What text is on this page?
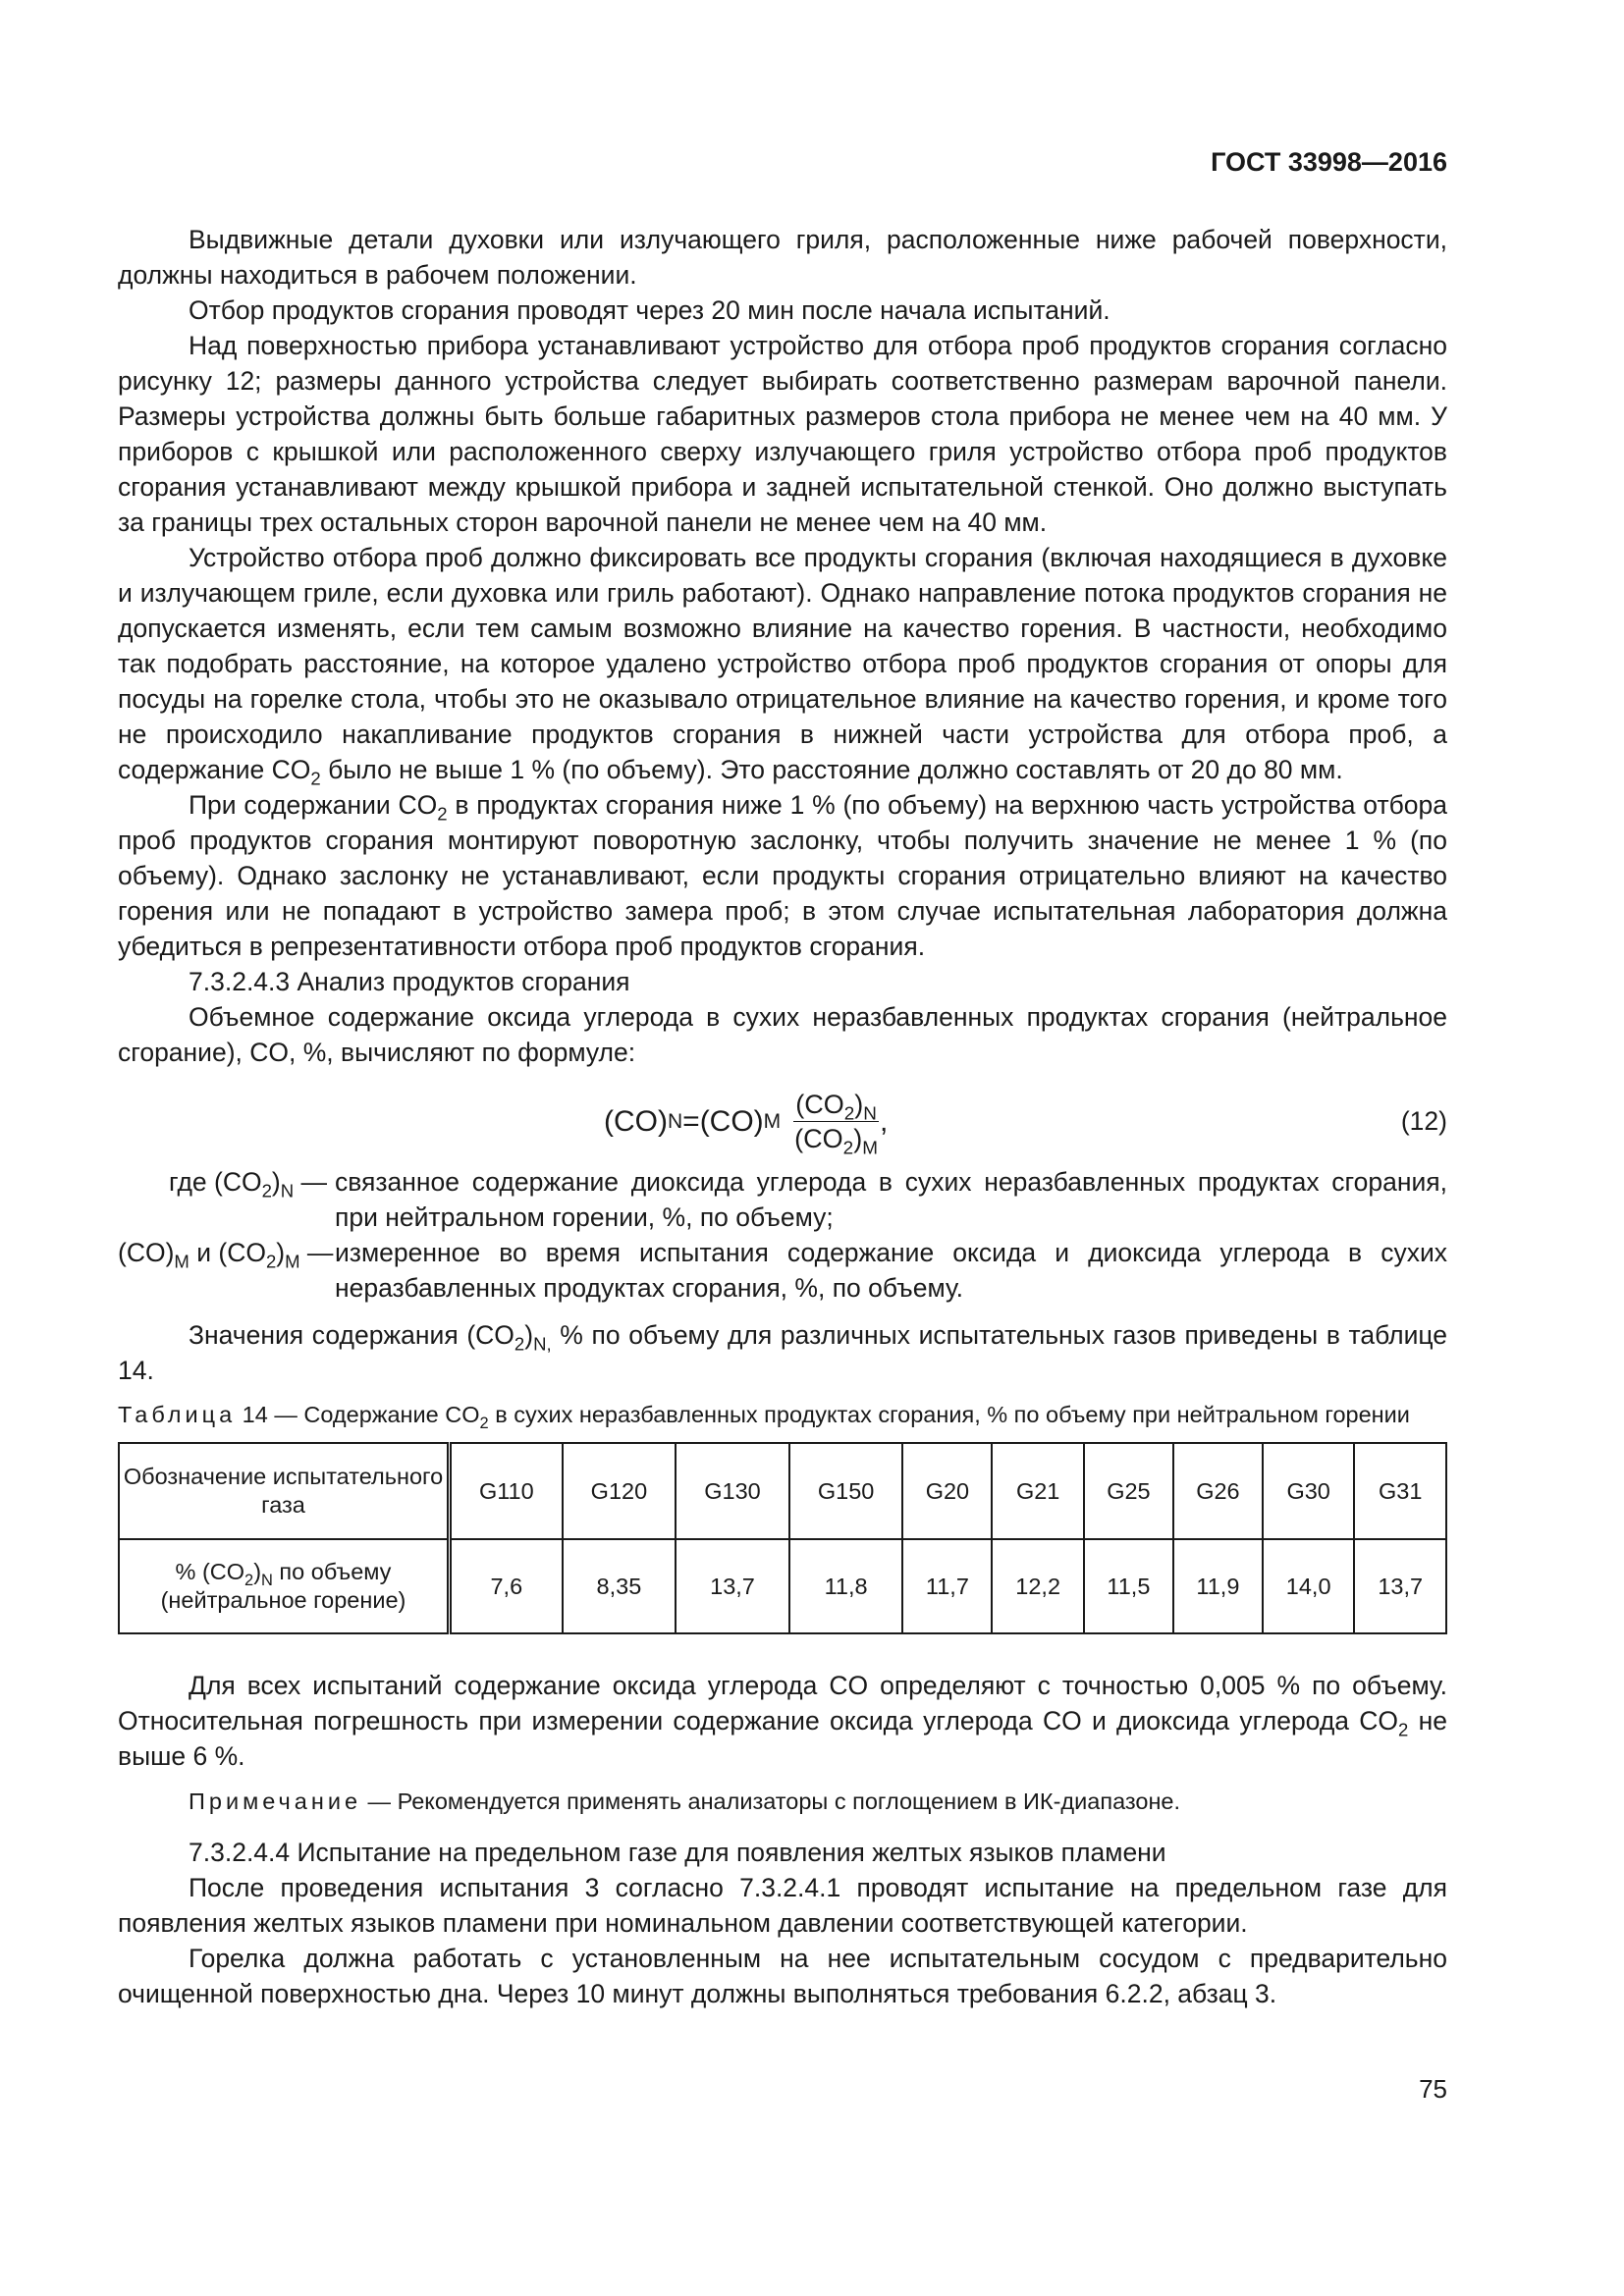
ГОСТ 33998—2016

Выдвижные детали духовки или излучающего гриля, расположенные ниже рабочей поверхности, должны находиться в рабочем положении.

Отбор продуктов сгорания проводят через 20 мин после начала испытаний.

Над поверхностью прибора устанавливают устройство для отбора проб продуктов сгорания согласно рисунку 12; размеры данного устройства следует выбирать соответственно размерам варочной панели. Размеры устройства должны быть больше габаритных размеров стола прибора не менее чем на 40 мм. У приборов с крышкой или расположенного сверху излучающего гриля устройство отбора проб продуктов сгорания устанавливают между крышкой прибора и задней испытательной стенкой. Оно должно выступать за границы трех остальных сторон варочной панели не менее чем на 40 мм.

Устройство отбора проб должно фиксировать все продукты сгорания (включая находящиеся в духовке и излучающем гриле, если духовка или гриль работают). Однако направление потока продуктов сгорания не допускается изменять, если тем самым возможно влияние на качество горения. В частности, необходимо так подобрать расстояние, на которое удалено устройство отбора проб продуктов сгорания от опоры для посуды на горелке стола, чтобы это не оказывало отрицательное влияние на качество горения, и кроме того не происходило накапливание продуктов сгорания в нижней части устройства для отбора проб, а содержание $CO_2$ было не выше 1 % (по объему). Это расстояние должно составлять от 20 до 80 мм.

При содержании $CO_2$ в продуктах сгорания ниже 1 % (по объему) на верхнюю часть устройства отбора проб продуктов сгорания монтируют поворотную заслонку, чтобы получить значение не менее 1 % (по объему). Однако заслонку не устанавливают, если продукты сгорания отрицательно влияют на качество горения или не попадают в устройство замера проб; в этом случае испытательная лаборатория должна убедиться в репрезентативности отбора проб продуктов сгорания.

7.3.2.4.3 Анализ продуктов сгорания

Объемное содержание оксида углерода в сухих неразбавленных продуктах сгорания (нейтральное сгорание), CO, %, вычисляют по формуле:

(CO) N = (CO) M $\frac{(CO_2)_N}{(CO_2)_M}$ ,	(12)
где $(CO_2)_N$ — связанное содержание диоксида углерода в сухих неразбавленных продуктах сгорания, при нейтральном горении, %, по объему;
$(CO)_M$ и $(CO_2)_M$ — измеренное во время испытания содержание оксида и диоксида углерода в сухих неразбавленных продуктах сгорания, %, по объему.

Значения содержания $(CO_2)_{N,}$ % по объему для различных испытательных газов приведены в таблице 14.

Таблица 14 — Содержание $CO_2$ в сухих неразбавленных продуктах сгорания, % по объему при нейтральном горении
Обозначение испытательного газа	G110	G120	G130	G150	G20	G21	G25	G26	G30	G31
% $(CO_2)_N$ по объему (нейтральное горение)	7,6	8,35	13,7	11,8	11,7	12,2	11,5	11,9	14,0	13,7

Для всех испытаний содержание оксида углерода CO определяют с точностью 0,005 % по объему. Относительная погрешность при измерении содержание оксида углерода CO и диоксида углерода $CO_2$ не выше 6 %.

Примечание — Рекомендуется применять анализаторы с поглощением в ИК-диапазоне.

7.3.2.4.4 Испытание на предельном газе для появления желтых языков пламени

После проведения испытания 3 согласно 7.3.2.4.1 проводят испытание на предельном газе для появления желтых языков пламени при номинальном давлении соответствующей категории.

Горелка должна работать с установленным на нее испытательным сосудом с предварительно очищенной поверхностью дна. Через 10 минут должны выполняться требования 6.2.2, абзац 3.

75
